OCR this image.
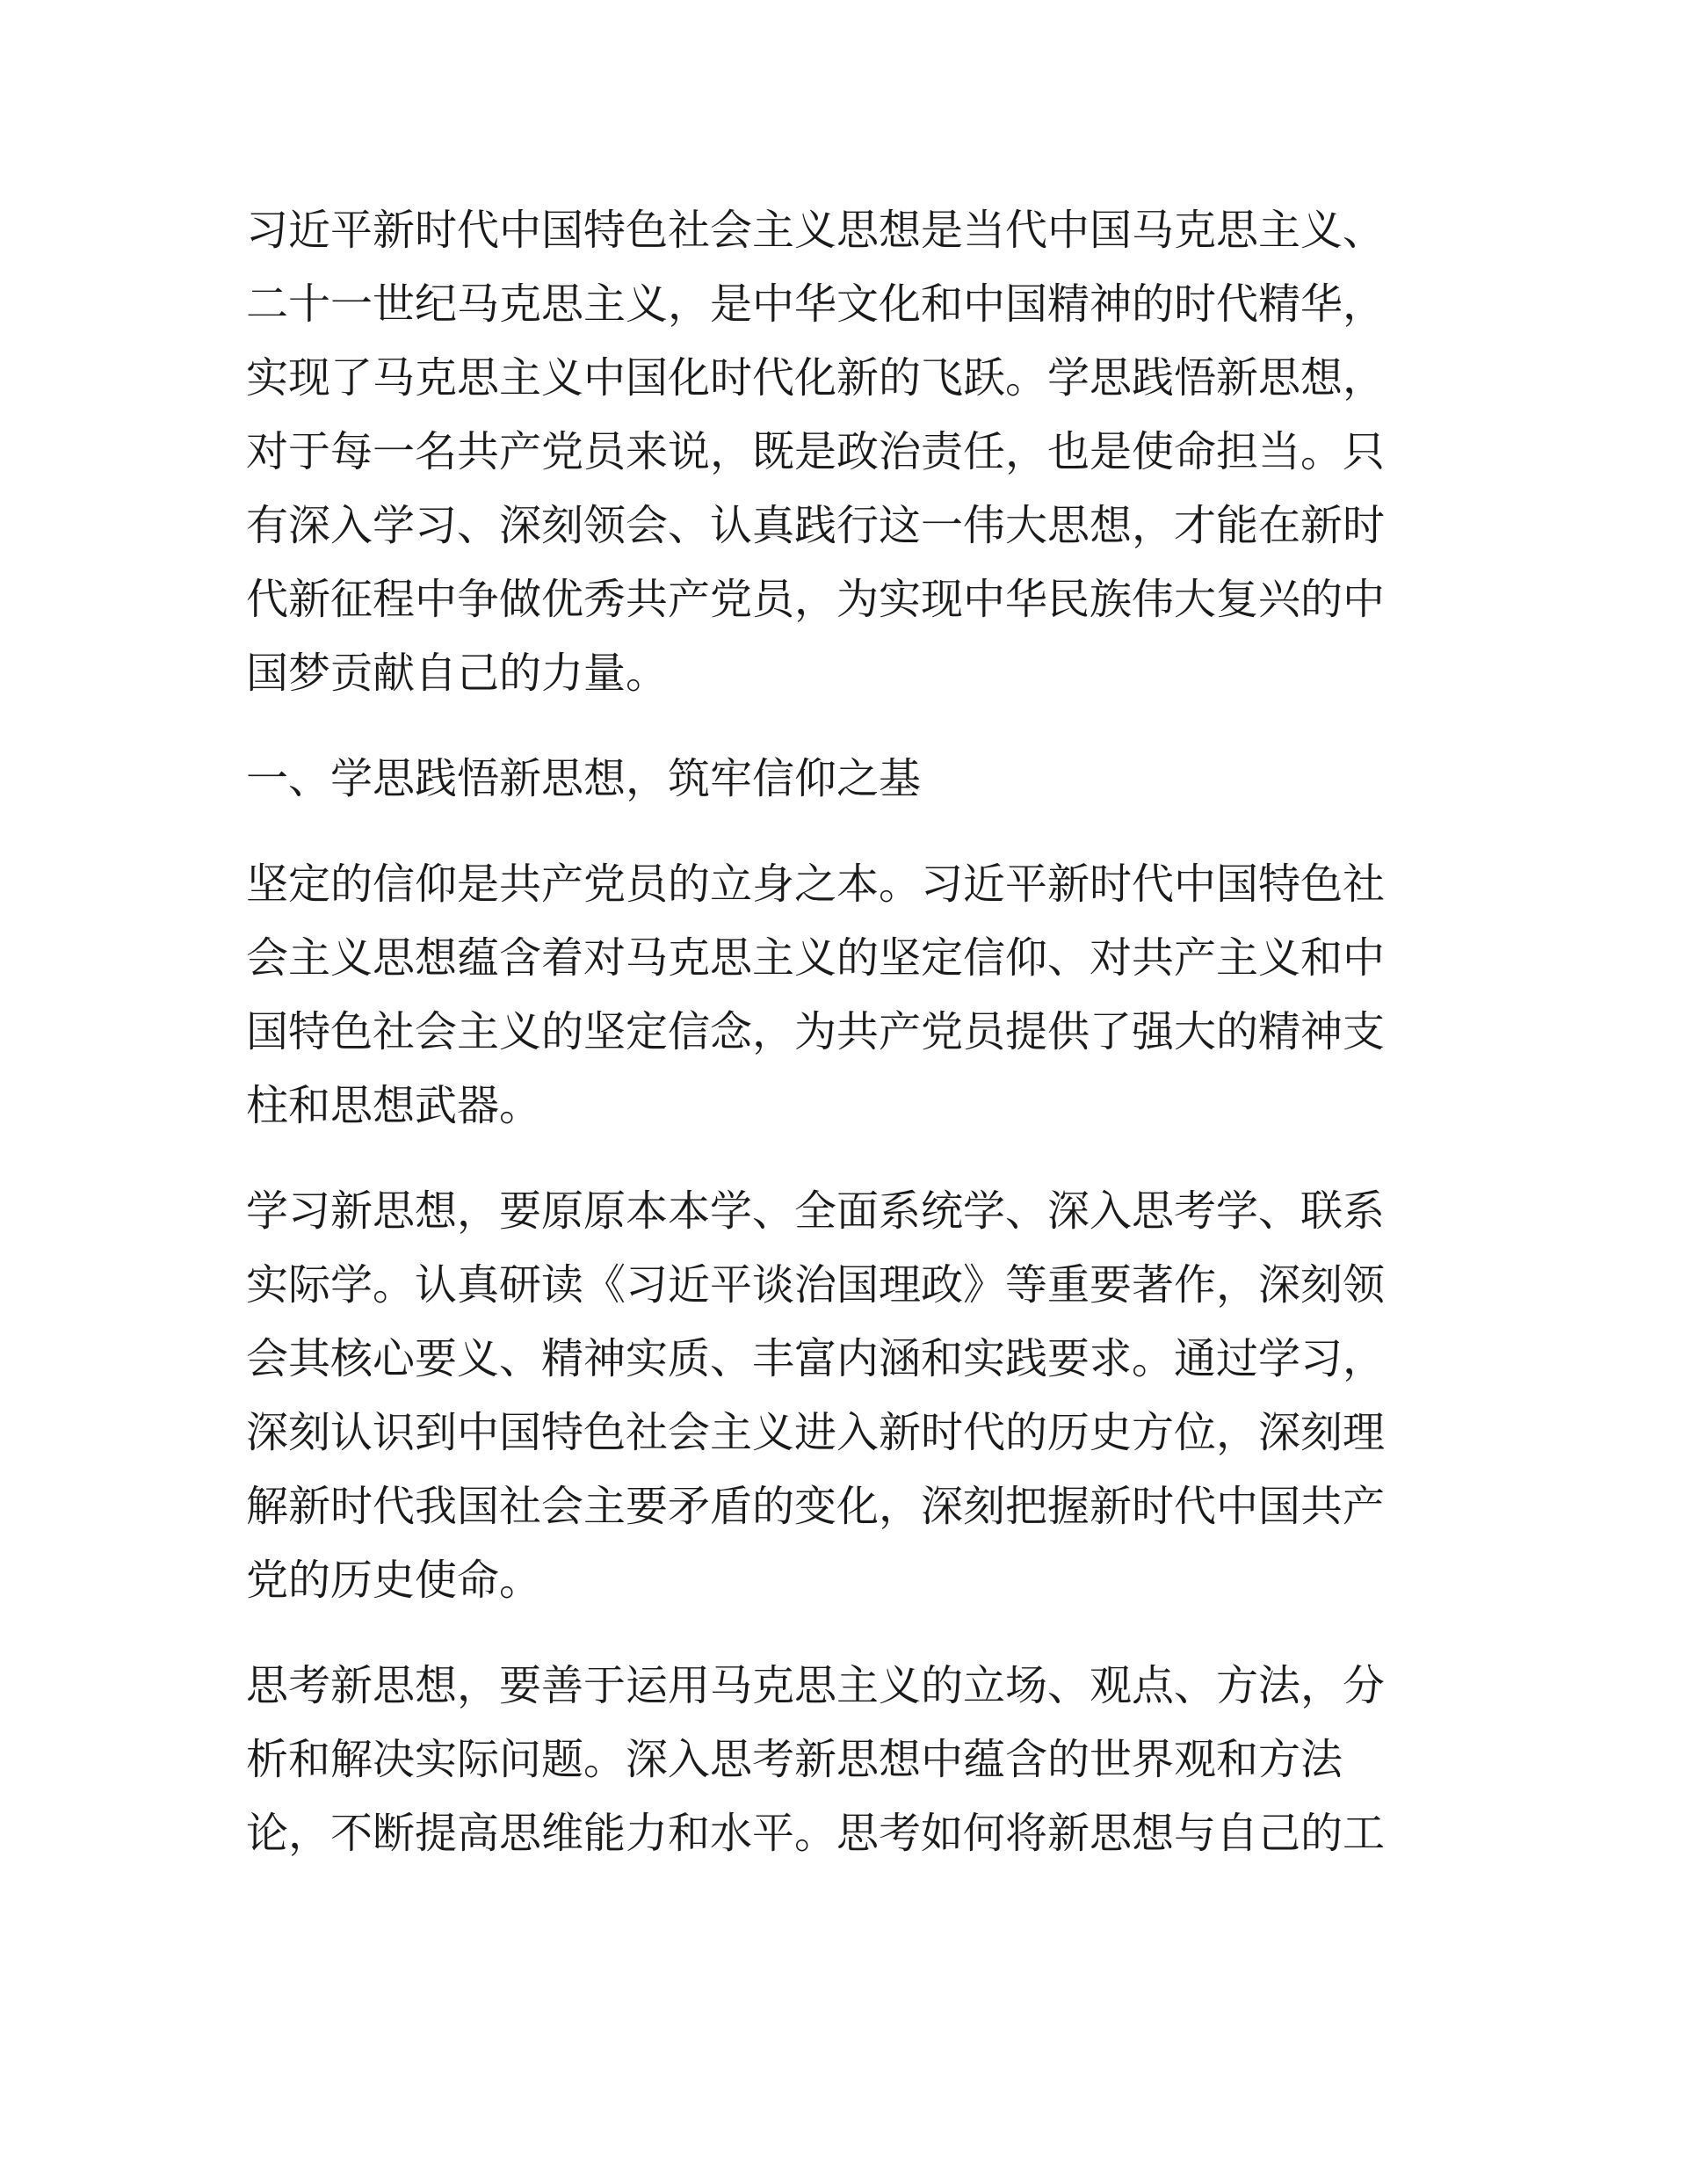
习近平新时代中国特色社会主义思想是当代中国马克思主义、
二十一世纪马克思主义，是中华文化和中国精神的时代精华，
实现了马克思主义中国化时代化新的飞跃。学思践悟新思想，
对于每一名共产党员来说，既是政治责任，也是使命担当。只
有深入学习、深刻领会、认真践行这一伟大思想，才能在新时
代新征程中争做优秀共产党员，为实现中华民族伟大复兴的中
国梦贡献自己的力量。

一、学思践悟新思想，筑牢信仰之基

坚定的信仰是共产党员的立身之本。习近平新时代中国特色社
会主义思想蕴含着对马克思主义的坚定信仰、对共产主义和中
国特色社会主义的坚定信念，为共产党员提供了强大的精神支
柱和思想武器。

学习新思想，要原原本本学、全面系统学、深入思考学、联系
实际学。认真研读《习近平谈治国理政》等重要著作，深刻领
会其核心要义、精神实质、丰富内涵和实践要求。通过学习，
深刻认识到中国特色社会主义进入新时代的历史方位，深刻理
解新时代我国社会主要矛盾的变化，深刻把握新时代中国共产
党的历史使命。

思考新思想，要善于运用马克思主义的立场、观点、方法，分
析和解决实际问题。深入思考新思想中蕴含的世界观和方法
论，不断提高思维能力和水平。思考如何将新思想与自己的工
